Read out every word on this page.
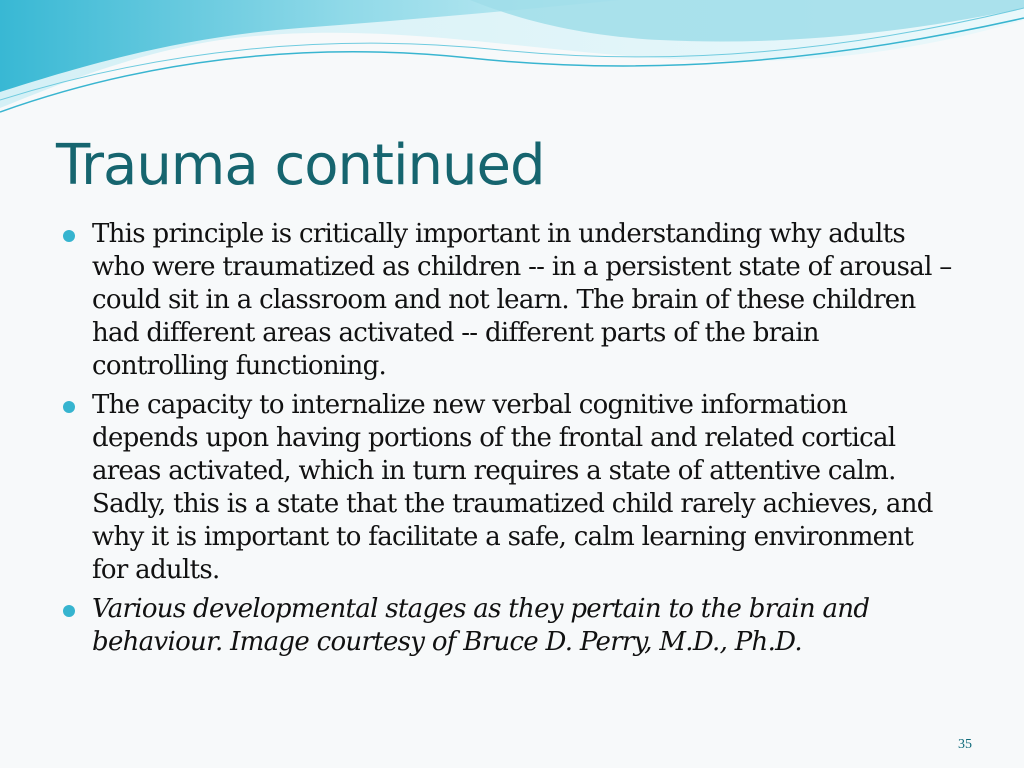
Trauma continued
This principle is critically important in understanding why adults who were traumatized as children -- in a persistent state of arousal – could sit in a classroom and not learn. The brain of these children had different areas activated -- different parts of the brain controlling functioning.
The capacity to internalize new verbal cognitive information depends upon having portions of the frontal and related cortical areas activated, which in turn requires a state of attentive calm. Sadly, this is a state that the traumatized child rarely achieves, and why it is important to facilitate a safe, calm learning environment for adults.
Various developmental stages as they pertain to the brain and behaviour. Image courtesy of Bruce D. Perry, M.D., Ph.D.
35
